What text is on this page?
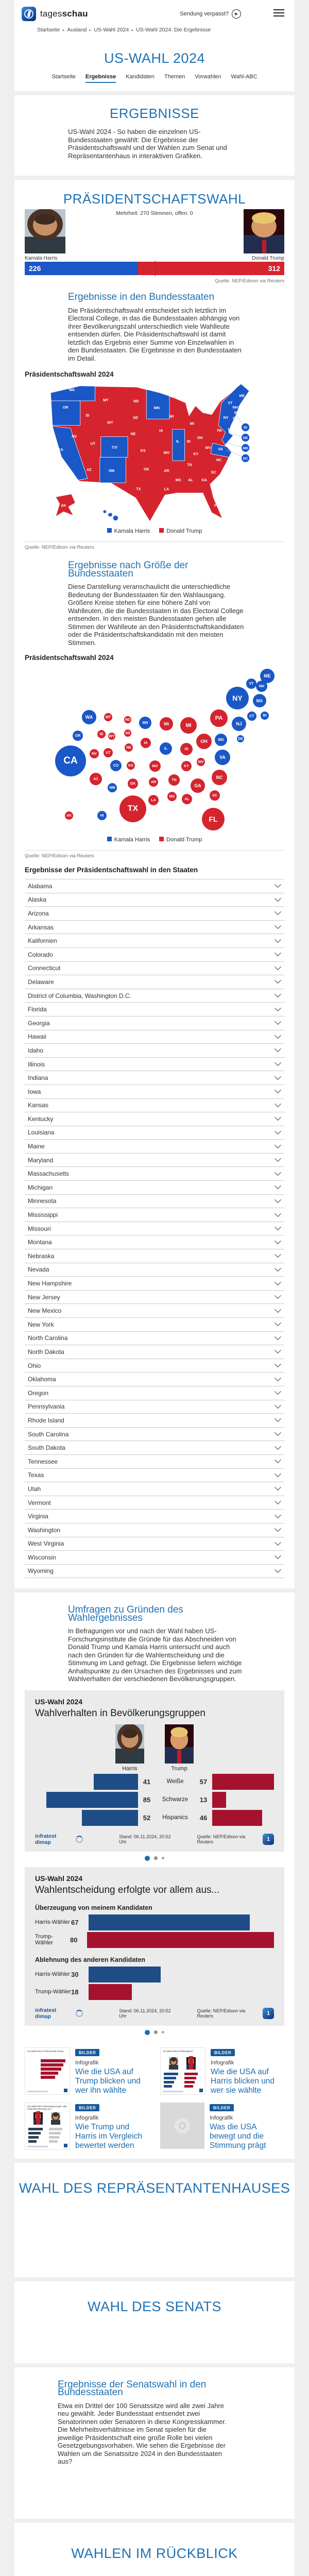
tagesschau	Sendung verpasst?	▶
Startseite ▸ Ausland ▸ US-Wahl 2024 ▸ US-Wahl 2024: Die Ergebnisse
US-WAHL 2024
Startseite Ergebnisse Kandidaten Themen Vorwahlen Wahl-ABC
ERGEBNISSE

US-Wahl 2024 - So haben die einzelnen US-Bundesstaaten gewählt: Die Ergebnisse der Präsidentschaftswahl und der Wahlen zum Senat und Repräsentantenhaus in interaktiven Grafiken.

PRÄSIDENTSCHAFTSWAHL
Mehrheit: 270 Stimmen, offen: 0
Kamala Harris	Donald Trump
226	312
Quelle: NEP/Edison via Reuters
Ergebnisse in den Bundesstaaten

Die Präsidentschaftswahl entscheidet sich letztlich im Electoral College, in das die Bundesstaaten abhängig von ihrer Bevölkerungszahl unterschiedlich viele Wahlleute entsenden dürfen. Die Präsidentschaftswahl ist damit letztlich das Ergebnis einer Summe von Einzelwahlen in den Bundesstaaten. Die Ergebnisse in den Bundesstaaten im Detail.

Präsidentschaftswahl 2024
WA
MT	ND
MN
WI
MI
OR
ID
SD
WY
IA
NE
PA
NY
OH
IN
IL
NV
UT
CO
KS	MO
WV VA
KY
CA
AZ	NM	OK	AR
TN
NC
SC
MS AL GA
TX	LA
FL
AK
HI
ME
VT
NH
MA
CT
NJ	RI
DE
MD
DC
Kamala Harris	Donald Trump
Quelle: NEP/Edison via Reuters
Ergebnisse nach Größe der Bundesstaaten

Diese Darstellung veranschaulicht die unterschiedliche Bedeutung der Bundesstaaten für den Wahlausgang. Größere Kreise stehen für eine höhere Zahl von Wahlleuten, die die Bundesstaaten in das Electoral College entsenden. In den meisten Bundesstaaten gehen alle Stimmen der Wahlleute an den Präsidentschaftskandidaten oder die Präsidentschaftskandidatin mit den meisten Stimmen.

Präsidentschaftswahl 2024
ME
VT
NH
NY	MA
CT	RI
NJ
PA
WA	MT
ND
MN	WI	MI
OR	ID
WY
SD
IA
NE	IL	IN
OH	MD	DE
NV	UT
CA	CO	KS	MO	KY
WV
VA
AZ
NM
OK	AR
TN	NC
GA
SC
MS
AL
LA
TX
FL
AK	HI
Kamala Harris	Donald Trump
Quelle: NEP/Edison via Reuters
Ergebnisse der Präsidentschaftswahl in den Staaten
Alabama
Alaska
Arizona
Arkansas
Kalifornien
Colorado
Connecticut
Delaware
District of Columbia, Washington D.C.
Florida
Georgia
Hawaii
Idaho
Illinois
Indiana
Iowa
Kansas
Kentucky
Louisiana
Maine
Maryland
Massachusetts
Michigan
Minnesota
Mississippi
Missouri
Montana
Nebraska
Nevada
New Hampshire
New Jersey
New Mexico
New York
North Carolina
North Dakota
Ohio
Oklahoma
Oregon
Pennsylvania
Rhode Island
South Carolina
South Dakota
Tennessee
Texas
Utah
Vermont
Virginia
Washington
West Virginia
Wisconsin
Wyoming
Umfragen zu Gründen des Wahlergebnisses

In Befragungen vor und nach der Wahl haben US-Forschungsinstitute die Gründe für das Abschneiden von Donald Trump und Kamala Harris untersucht und auch nach den Gründen für die Wahlentscheidung und die Stimmung im Land gefragt. Die Ergebnisse liefern wichtige Anhaltspunkte zu den Ursachen des Ergebnisses und zum Wahlverhalten der verschiedenen Bevölkerungsgruppen.

US-Wahl 2024
Wahlverhalten in Bevölkerungsgruppen
Harris	Trump
41	Weiße	57
85	Schwarze	13
52	Hispanics	46
infratest dimap
Stand: 06.11.2024, 20:52 Uhr
Quelle: NEP/Edison via Reuters	1
US-Wahl 2024
Wahlentscheidung erfolgte vor allem aus...
Überzeugung von meinem Kandidaten
Harris-Wähler 67
Trump-Wähler	80
Ablehnung des anderen Kandidaten
Harris-Wähler 30
Trump-Wähler 18
infratest dimap
Stand: 06.11.2024, 20:52 Uhr
Quelle: NEP/Edison via Reuters	1
US-Wahl 2024 Profil Donald Trump	BILDER
Infografik
Wie die USA auf Trump blicken und wer ihn wählte
US-Wahl 2024 Profilvergleich	BILDER
Infografik
Wie die USA auf Harris blicken und wer sie wählte
US-Wahl 2024 Überwiegend gute oder schlechte Meinung von...	BILDER
Infografik
Wie Trump und Harris im Vergleich bewertet werden
BILDER
Infografik
Was die USA bewegt und die Stimmung prägt
WAHL DES REPRÄSENTANTENHAUSES
WAHL DES SENATS
Ergebnisse der Senatswahl in den Bundesstaaten

Etwa ein Drittel der 100 Senatssitze wird alle zwei Jahre neu gewählt. Jeder Bundesstaat entsendet zwei Senatorinnen oder Senatoren in diese Kongresskammer. Die Mehrheitsverhältnisse im Senat spielen für die jeweilige Präsidentschaft eine große Rolle bei vielen Gesetzgebungsvorhaben. Wie sehen die Ergebnisse der Wahlen um die Senatssitze 2024 in den Bundesstaaten aus?

WAHLEN IM RÜCKBLICK
